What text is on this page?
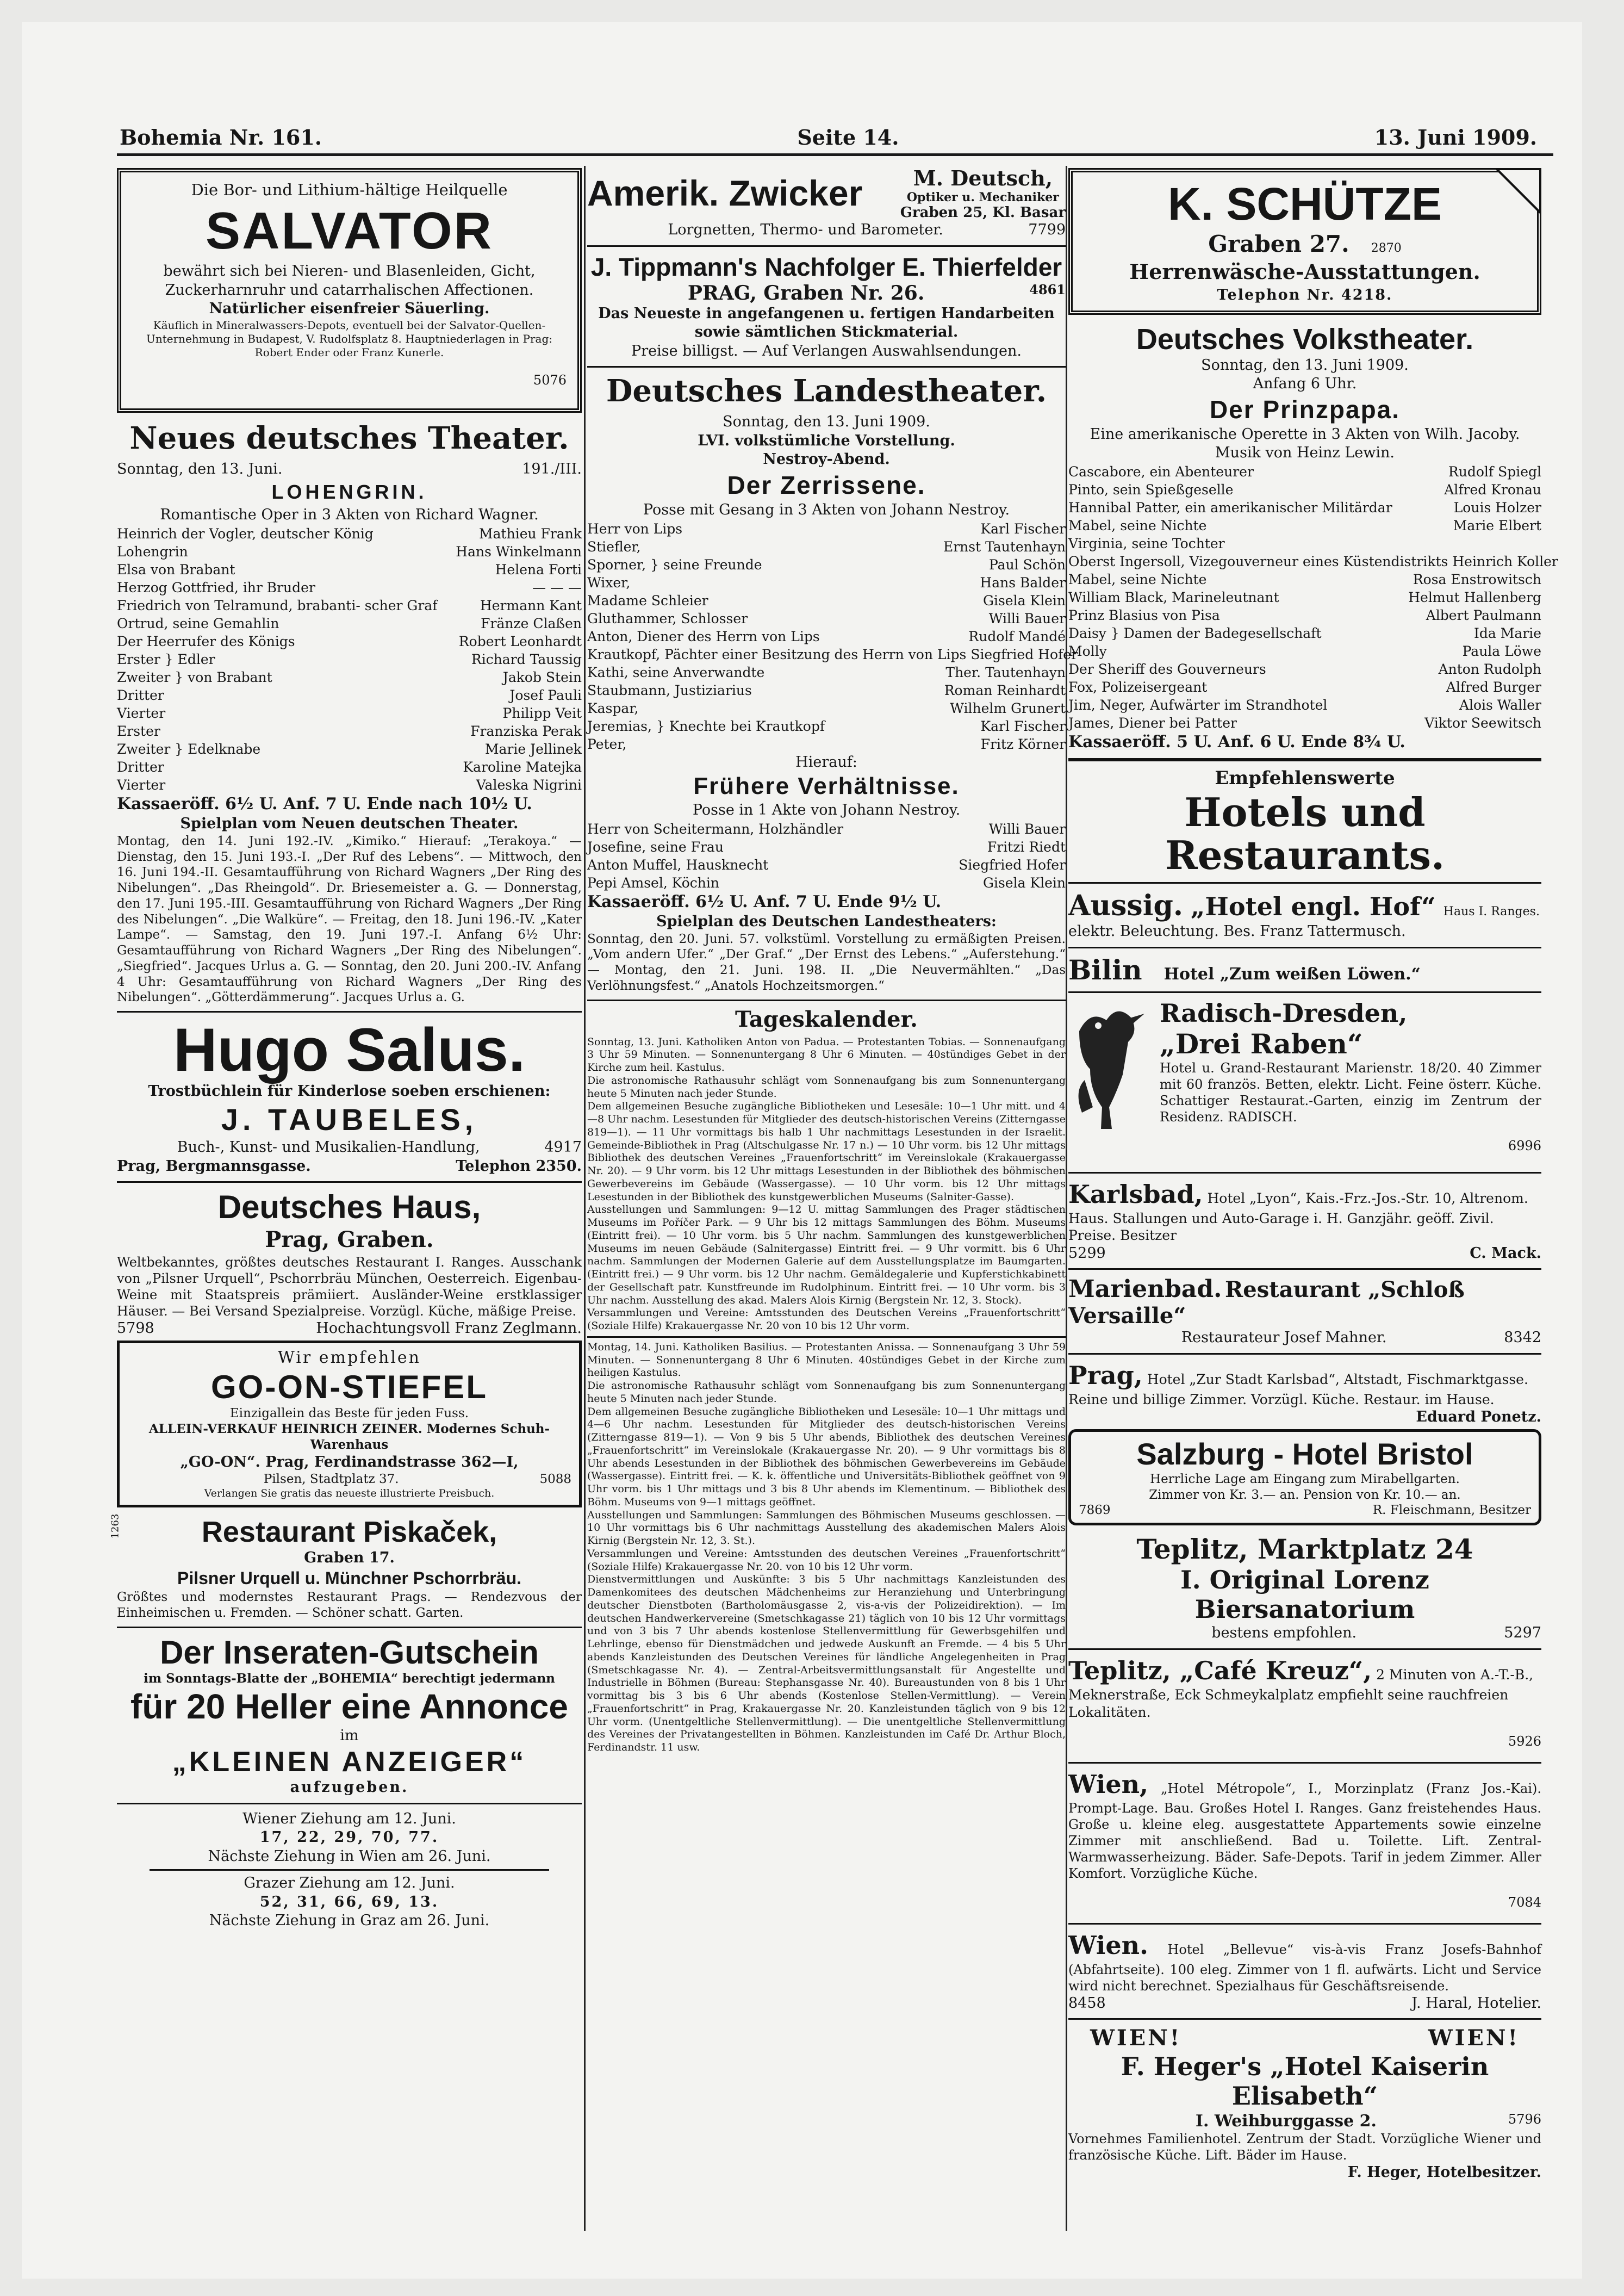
Bohemia Nr. 161.	Seite 14.	13. Juni 1909.

Die Bor- und Lithium-hältige Heilquelle

SALVATOR

bewährt sich bei Nieren- und Blasenleiden, Gicht,

Zuckerharnruhr und catarrhalischen Affectionen.

Natürlicher eisenfreier Säuerling.

Käuflich in Mineralwassers-Depots, eventuell bei der Salvator-Quellen-Unternehmung in Budapest, V. Rudolfsplatz 8. Hauptniederlagen in Prag: Robert Ender oder Franz Kunerle.

5076

Neues deutsches Theater.

Sonntag, den 13. Juni.	191./III.

LOHENGRIN.

Romantische Oper in 3 Akten von Richard Wagner.

Heinrich der Vogler, deutscher König	Mathieu Frank
Lohengrin	Hans Winkelmann
Elsa von Brabant	Helena Forti
Herzog Gottfried, ihr Bruder	— — —
Friedrich von Telramund, brabanti- scher Graf	Hermann Kant
Ortrud, seine Gemahlin	Fränze Claßen
Der Heerrufer des Königs	Robert Leonhardt
Erster } Edler	Richard Taussig
Zweiter } von Brabant	Jakob Stein
Dritter	Josef Pauli
Vierter	Philipp Veit
Erster	Franziska Perak
Zweiter } Edelknabe	Marie Jellinek
Dritter	Karoline Matejka
Vierter	Valeska Nigrini

Kassaeröff. 6½ U. Anf. 7 U. Ende nach 10½ U.

Spielplan vom Neuen deutschen Theater.

Montag, den 14. Juni 192.-IV. „Kimiko.“ Hierauf: „Terakoya.“ — Dienstag, den 15. Juni 193.-I. „Der Ruf des Lebens“. — Mittwoch, den 16. Juni 194.-II. Gesamtaufführung von Richard Wagners „Der Ring des Nibelungen“. „Das Rheingold“. Dr. Briesemeister a. G. — Donnerstag, den 17. Juni 195.-III. Gesamtaufführung von Richard Wagners „Der Ring des Nibelungen“. „Die Walküre“. — Freitag, den 18. Juni 196.-IV. „Kater Lampe“. — Samstag, den 19. Juni 197.-I. Anfang 6½ Uhr: Gesamtaufführung von Richard Wagners „Der Ring des Nibelungen“. „Siegfried“. Jacques Urlus a. G. — Sonntag, den 20. Juni 200.-IV. Anfang 4 Uhr: Gesamtaufführung von Richard Wagners „Der Ring des Nibelungen“. „Götterdämmerung“. Jacques Urlus a. G.

Hugo Salus.

Trostbüchlein für Kinderlose soeben erschienen:

J. TAUBELES,

Buch-, Kunst- und Musikalien-Handlung,	4917
Prag, Bergmannsgasse.	Telephon 2350.

Deutsches Haus,

Prag, Graben.

Weltbekanntes, größtes deutsches Restaurant I. Ranges. Ausschank von „Pilsner Urquell“, Pschorrbräu München, Oesterreich. Eigenbau-Weine mit Staatspreis prämiiert. Ausländer-Weine erstklassiger Häuser. — Bei Versand Spezialpreise. Vorzügl. Küche, mäßige Preise.

5798	Hochachtungsvoll Franz Zeglmann.

Wir empfehlen

GO-ON-STIEFEL

Einzigallein das Beste für jeden Fuss.

ALLEIN-VERKAUF HEINRICH ZEINER. Modernes Schuh-Warenhaus

„GO-ON“. Prag, Ferdinandstrasse 362—I,

Pilsen, Stadtplatz 37.	5088

Verlangen Sie gratis das neueste illustrierte Preisbuch.

1263	Restaurant Piskaček,

Graben 17.

Pilsner Urquell u. Münchner Pschorrbräu.

Größtes und modernstes Restaurant Prags. — Rendezvous der Einheimischen u. Fremden. — Schöner schatt. Garten.

Der Inseraten-Gutschein

im Sonntags-Blatte der „BOHEMIA“ berechtigt jedermann

für 20 Heller eine Annonce

im

„KLEINEN ANZEIGER“

aufzugeben.

Wiener Ziehung am 12. Juni.

17, 22, 29, 70, 77.

Nächste Ziehung in Wien am 26. Juni.

Grazer Ziehung am 12. Juni.

52, 31, 66, 69, 13.

Nächste Ziehung in Graz am 26. Juni.

Amerik. Zwicker	M. Deutsch,
Optiker u. Mechaniker
Graben 25, Kl. Basar
Lorgnetten, Thermo- und Barometer.	7799

J. Tippmann's Nachfolger E. Thierfelder

PRAG, Graben Nr. 26.	4861

Das Neueste in angefangenen u. fertigen Handarbeiten sowie sämtlichen Stickmaterial.

Preise billigst. — Auf Verlangen Auswahlsendungen.

Deutsches Landestheater.

Sonntag, den 13. Juni 1909.

LVI. volkstümliche Vorstellung.

Nestroy-Abend.

Der Zerrissene.

Posse mit Gesang in 3 Akten von Johann Nestroy.

Herr von Lips	Karl Fischer
Stiefler,	Ernst Tautenhayn
Sporner, } seine Freunde	Paul Schön
Wixer,	Hans Balder
Madame Schleier	Gisela Klein
Gluthammer, Schlosser	Willi Bauer
Anton, Diener des Herrn von Lips	Rudolf Mandé
Krautkopf, Pächter einer Besitzung des Herrn von Lips Siegfried Hofer
Kathi, seine Anverwandte	Ther. Tautenhayn
Staubmann, Justiziarius	Roman Reinhardt
Kaspar,	Wilhelm Grunert
Jeremias, } Knechte bei Krautkopf	Karl Fischer
Peter,	Fritz Körner

Hierauf:

Frühere Verhältnisse.

Posse in 1 Akte von Johann Nestroy.

Herr von Scheitermann, Holzhändler	Willi Bauer
Josefine, seine Frau	Fritzi Riedt
Anton Muffel, Hausknecht	Siegfried Hofer
Pepi Amsel, Köchin	Gisela Klein

Kassaeröff. 6½ U. Anf. 7 U. Ende 9½ U.

Spielplan des Deutschen Landestheaters:

Sonntag, den 20. Juni. 57. volkstüml. Vorstellung zu ermäßigten Preisen. „Vom andern Ufer.“ „Der Graf.“ „Der Ernst des Lebens.“ „Auferstehung.“ — Montag, den 21. Juni. 198. II. „Die Neuvermählten.“ „Das Verlöhnungsfest.“ „Anatols Hochzeitsmorgen.“

Tageskalender.

Sonntag, 13. Juni. Katholiken Anton von Padua. — Protestanten Tobias. — Sonnenaufgang 3 Uhr 59 Minuten. — Sonnenuntergang 8 Uhr 6 Minuten. — 40stündiges Gebet in der Kirche zum heil. Kastulus.

Die astronomische Rathausuhr schlägt vom Sonnenaufgang bis zum Sonnenuntergang heute 5 Minuten nach jeder Stunde.

Dem allgemeinen Besuche zugängliche Bibliotheken und Lesesäle: 10—1 Uhr mitt. und 4—8 Uhr nachm. Lesestunden für Mitglieder des deutsch-historischen Vereins (Zitterngasse 819—1). — 11 Uhr vormittags bis halb 1 Uhr nachmittags Lesestunden in der Israelit. Gemeinde-Bibliothek in Prag (Altschulgasse Nr. 17 n.) — 10 Uhr vorm. bis 12 Uhr mittags Bibliothek des deutschen Vereines „Frauenfortschritt“ im Vereinslokale (Krakauergasse Nr. 20). — 9 Uhr vorm. bis 12 Uhr mittags Lesestunden in der Bibliothek des böhmischen Gewerbevereins im Gebäude (Wassergasse). — 10 Uhr vorm. bis 12 Uhr mittags Lesestunden in der Bibliothek des kunstgewerblichen Museums (Salniter-Gasse).

Ausstellungen und Sammlungen: 9—12 U. mittag Sammlungen des Prager städtischen Museums im Poříčer Park. — 9 Uhr bis 12 mittags Sammlungen des Böhm. Museums (Eintritt frei). — 10 Uhr vorm. bis 5 Uhr nachm. Sammlungen des kunstgewerblichen Museums im neuen Gebäude (Salnitergasse) Eintritt frei. — 9 Uhr vormitt. bis 6 Uhr nachm. Sammlungen der Modernen Galerie auf dem Ausstellungsplatze im Baumgarten. (Eintritt frei.) — 9 Uhr vorm. bis 12 Uhr nachm. Gemäldegalerie und Kupferstichkabinett der Gesellschaft patr. Kunstfreunde im Rudolphinum. Eintritt frei. — 10 Uhr vorm. bis 3 Uhr nachm. Ausstellung des akad. Malers Alois Kirnig (Bergstein Nr. 12, 3. Stock).

Versammlungen und Vereine: Amtsstunden des Deutschen Vereins „Frauenfortschritt“ (Soziale Hilfe) Krakauergasse Nr. 20 von 10 bis 12 Uhr vorm.

Montag, 14. Juni. Katholiken Basilius. — Protestanten Anissa. — Sonnenaufgang 3 Uhr 59 Minuten. — Sonnenuntergang 8 Uhr 6 Minuten. 40stündiges Gebet in der Kirche zum heiligen Kastulus.

Die astronomische Rathausuhr schlägt vom Sonnenaufgang bis zum Sonnenuntergang heute 5 Minuten nach jeder Stunde.

Dem allgemeinen Besuche zugängliche Bibliotheken und Lesesäle: 10—1 Uhr mittags und 4—6 Uhr nachm. Lesestunden für Mitglieder des deutsch-historischen Vereins (Zitterngasse 819—1). — Von 9 bis 5 Uhr abends, Bibliothek des deutschen Vereines „Frauenfortschritt“ im Vereinslokale (Krakauergasse Nr. 20). — 9 Uhr vormittags bis 8 Uhr abends Lesestunden in der Bibliothek des böhmischen Gewerbevereins im Gebäude (Wassergasse). Eintritt frei. — K. k. öffentliche und Universitäts-Bibliothek geöffnet von 9 Uhr vorm. bis 1 Uhr mittags und 3 bis 8 Uhr abends im Klementinum. — Bibliothek des Böhm. Museums von 9—1 mittags geöffnet.

Ausstellungen und Sammlungen: Sammlungen des Böhmischen Museums geschlossen. — 10 Uhr vormittags bis 6 Uhr nachmittags Ausstellung des akademischen Malers Alois Kirnig (Bergstein Nr. 12, 3. St.).

Versammlungen und Vereine: Amtsstunden des deutschen Vereines „Frauenfortschritt“ (Soziale Hilfe) Krakauergasse Nr. 20. von 10 bis 12 Uhr vorm.

Dienstvermittlungen und Auskünfte: 3 bis 5 Uhr nachmittags Kanzleistunden des Damenkomitees des deutschen Mädchenheims zur Heranziehung und Unterbringung deutscher Dienstboten (Bartholomäusgasse 2, vis-a-vis der Polizeidirektion). — Im deutschen Handwerkervereine (Smetschkagasse 21) täglich von 10 bis 12 Uhr vormittags und von 3 bis 7 Uhr abends kostenlose Stellenvermittlung für Gewerbsgehilfen und Lehrlinge, ebenso für Dienstmädchen und jedwede Auskunft an Fremde. — 4 bis 5 Uhr abends Kanzleistunden des Deutschen Vereines für ländliche Angelegenheiten in Prag (Smetschkagasse Nr. 4). — Zentral-Arbeitsvermittlungsanstalt für Angestellte und Industrielle in Böhmen (Bureau: Stephansgasse Nr. 40). Bureaustunden von 8 bis 1 Uhr vormittag bis 3 bis 6 Uhr abends (Kostenlose Stellen-Vermittlung). — Verein „Frauenfortschritt“ in Prag, Krakauergasse Nr. 20. Kanzleistunden täglich von 9 bis 12 Uhr vorm. (Unentgeltliche Stellenvermittlung). — Die unentgeltliche Stellenvermittlung des Vereines der Privatangestellten in Böhmen. Kanzleistunden im Café Dr. Arthur Bloch, Ferdinandstr. 11 usw.

K. SCHÜTZE

Graben 27. 2870

Herrenwäsche-Ausstattungen.

Telephon Nr. 4218.

Deutsches Volkstheater.

Sonntag, den 13. Juni 1909.

Anfang 6 Uhr.

Der Prinzpapa.

Eine amerikanische Operette in 3 Akten von Wilh. Jacoby. Musik von Heinz Lewin.

Cascabore, ein Abenteurer	Rudolf Spiegl
Pinto, sein Spießgeselle	Alfred Kronau
Hannibal Patter, ein amerikanischer Militärdar	Louis Holzer
Mabel, seine Nichte	Marie Elbert
Virginia, seine Tochter
Oberst Ingersoll, Vizegouverneur eines Küstendistrikts Heinrich Koller
Mabel, seine Nichte	Rosa Enstrowitsch
William Black, Marineleutnant	Helmut Hallenberg
Prinz Blasius von Pisa	Albert Paulmann
Daisy } Damen der Badegesellschaft	Ida Marie
Molly	Paula Löwe
Der Sheriff des Gouverneurs	Anton Rudolph
Fox, Polizeisergeant	Alfred Burger
Jim, Neger, Aufwärter im Strandhotel	Alois Waller
James, Diener bei Patter	Viktor Seewitsch

Kassaeröff. 5 U. Anf. 6 U. Ende 8¾ U.

Empfehlenswerte

Hotels und Restaurants.

Aussig. „Hotel engl. Hof“ Haus I. Ranges.

elektr. Beleuchtung. Bes. Franz Tattermusch.

Bilin Hotel „Zum weißen Löwen.“
Radisch-Dresden,

„Drei Raben“

Hotel u. Grand-Restaurant Marienstr. 18/20. 40 Zimmer mit 60 französ. Betten, elektr. Licht. Feine österr. Küche. Schattiger Restaurat.-Garten, einzig im Zentrum der Residenz. RADISCH.

6996

Karlsbad, Hotel „Lyon“, Kais.-Frz.-Jos.-Str. 10, Altrenom. Haus. Stallungen und Auto-Garage i. H. Ganzjähr. geöff. Zivil. Preise. Besitzer

5299	C. Mack.

Marienbad. Restaurant „Schloß Versaille“

Restaurateur Josef Mahner.	8342

Prag, Hotel „Zur Stadt Karlsbad“, Altstadt, Fischmarktgasse. Reine und billige Zimmer. Vorzügl. Küche. Restaur. im Hause.

Eduard Ponetz.

Salzburg - Hotel Bristol

Herrliche Lage am Eingang zum Mirabellgarten.

Zimmer von Kr. 3.— an. Pension von Kr. 10.— an.

7869	R. Fleischmann, Besitzer

Teplitz, Marktplatz 24

I. Original Lorenz Biersanatorium

bestens empfohlen.	5297

Teplitz, „Café Kreuz“, 2 Minuten von A.-T.-B., Meknerstraße, Eck Schmeykalplatz empfiehlt seine rauchfreien Lokalitäten.

5926

Wien, „Hotel Métropole“, I., Morzinplatz (Franz Jos.-Kai). Prompt-Lage. Bau. Großes Hotel I. Ranges. Ganz freistehendes Haus. Große u. kleine eleg. ausgestattete Appartements sowie einzelne Zimmer mit anschließend. Bad u. Toilette. Lift. Zentral-Warmwasserheizung. Bäder. Safe-Depots. Tarif in jedem Zimmer. Aller Komfort. Vorzügliche Küche.

7084

Wien. Hotel „Bellevue“ vis-à-vis Franz Josefs-Bahnhof (Abfahrtseite). 100 eleg. Zimmer von 1 fl. aufwärts. Licht und Service wird nicht berechnet. Spezialhaus für Geschäftsreisende.

8458	J. Haral, Hotelier.
WIEN!	WIEN!

F. Heger's „Hotel Kaiserin Elisabeth“

I. Weihburggasse 2.	5796

Vornehmes Familienhotel. Zentrum der Stadt. Vorzügliche Wiener und französische Küche. Lift. Bäder im Hause.

F. Heger, Hotelbesitzer.
